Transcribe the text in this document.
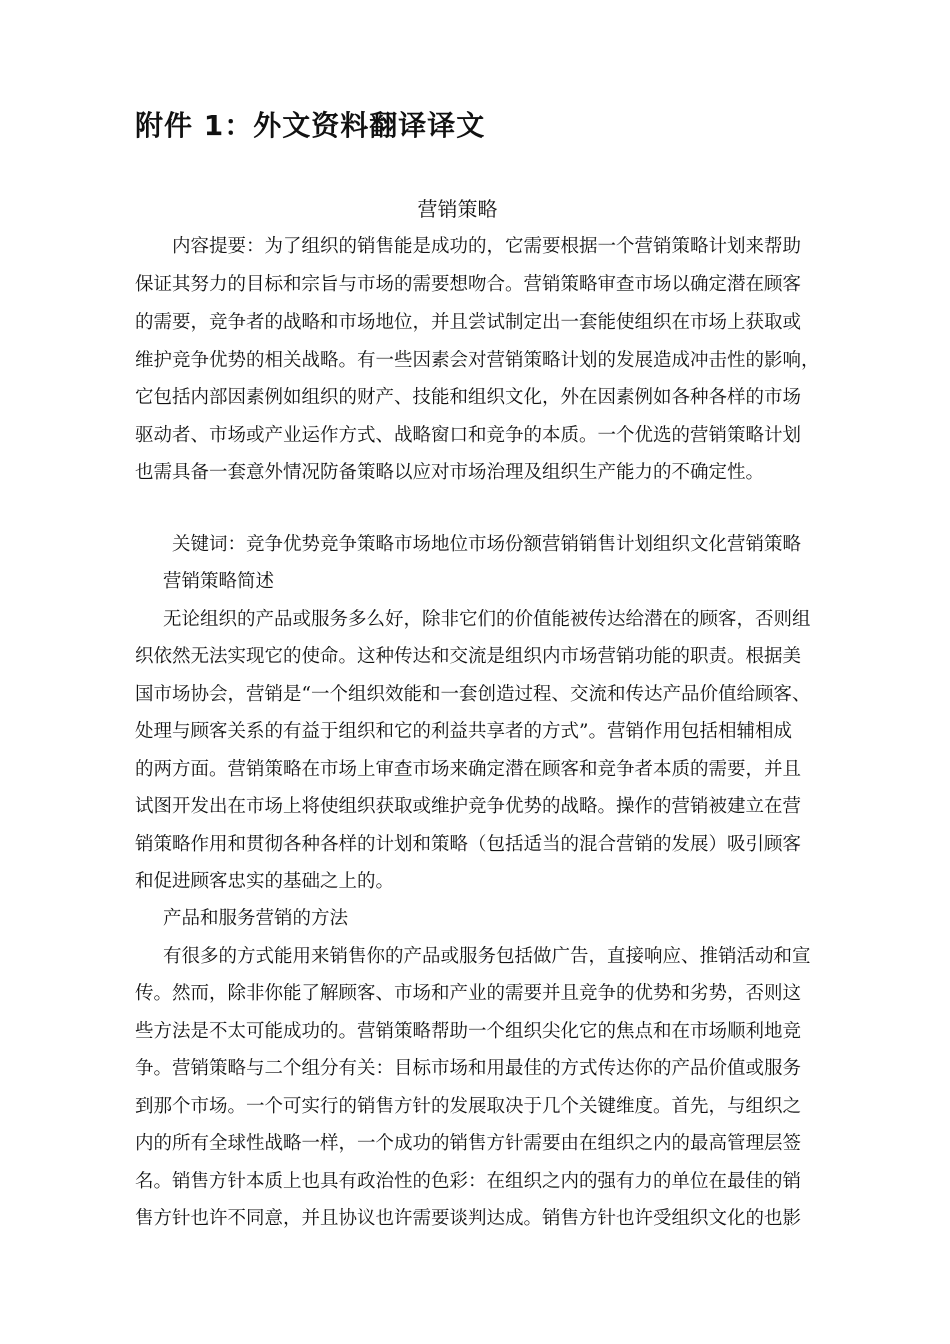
附件 1：外文资料翻译译文
营销策略

内容提要：为了组织的销售能是成功的，它需要根据一个营销策略计划来帮助

保证其努力的目标和宗旨与市场的需要想吻合。营销策略审查市场以确定潜在顾客

的需要，竞争者的战略和市场地位，并且尝试制定出一套能使组织在市场上获取或

维护竞争优势的相关战略。有一些因素会对营销策略计划的发展造成冲击性的影响，

它包括内部因素例如组织的财产、技能和组织文化，外在因素例如各种各样的市场

驱动者、市场或产业运作方式、战略窗口和竞争的本质。一个优选的营销策略计划

也需具备一套意外情况防备策略以应对市场治理及组织生产能力的不确定性。

关键词：竞争优势竞争策略市场地位市场份额营销销售计划组织文化营销策略

营销策略简述

无论组织的产品或服务多么好，除非它们的价值能被传达给潜在的顾客，否则组

织依然无法实现它的使命。这种传达和交流是组织内市场营销功能的职责。根据美

国市场协会，营销是“一个组织效能和一套创造过程、交流和传达产品价值给顾客、

处理与顾客关系的有益于组织和它的利益共享者的方式”。营销作用包括相辅相成

的两方面。营销策略在市场上审查市场来确定潜在顾客和竞争者本质的需要，并且

试图开发出在市场上将使组织获取或维护竞争优势的战略。操作的营销被建立在营

销策略作用和贯彻各种各样的计划和策略（包括适当的混合营销的发展）吸引顾客

和促进顾客忠实的基础之上的。

产品和服务营销的方法

有很多的方式能用来销售你的产品或服务包括做广告，直接响应、推销活动和宣

传。然而，除非你能了解顾客、市场和产业的需要并且竞争的优势和劣势，否则这

些方法是不太可能成功的。营销策略帮助一个组织尖化它的焦点和在市场顺利地竞

争。营销策略与二个组分有关：目标市场和用最佳的方式传达你的产品价值或服务

到那个市场。一个可实行的销售方针的发展取决于几个关键维度。首先，与组织之

内的所有全球性战略一样，一个成功的销售方针需要由在组织之内的最高管理层签

名。销售方针本质上也具有政治性的色彩：在组织之内的强有力的单位在最佳的销

售方针也许不同意，并且协议也许需要谈判达成。销售方针也许受组织文化的也影
